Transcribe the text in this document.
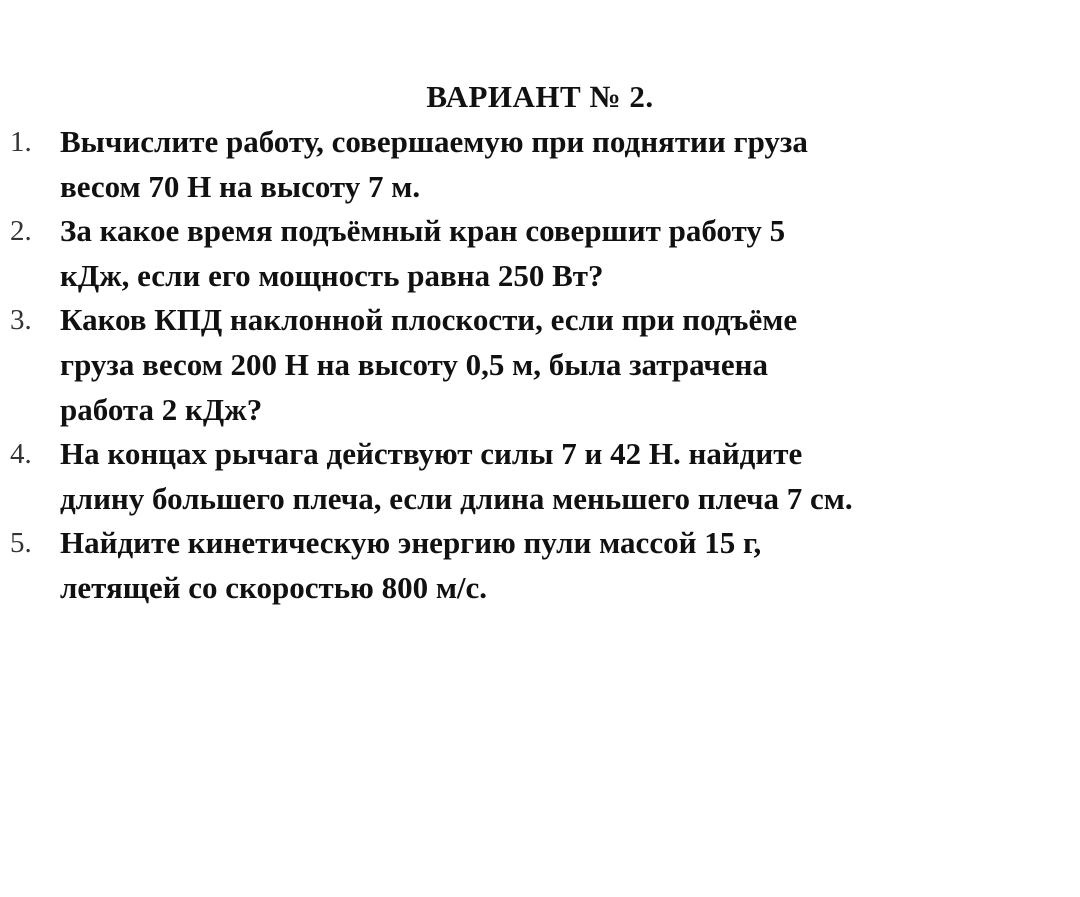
ВАРИАНТ № 2.
1. Вычислите работу, совершаемую при поднятии груза
весом 70 Н на высоту 7 м.
2. За какое время подъёмный кран совершит работу 5
кДж, если его мощность равна 250 Вт?
3. Каков КПД наклонной плоскости, если при подъёме
груза весом 200 Н на высоту 0,5 м, была затрачена
работа 2 кДж?
4. На концах рычага действуют силы 7 и 42 Н. найдите
длину большего плеча, если длина меньшего плеча 7 см.
5. Найдите кинетическую энергию пули массой 15 г,
летящей со скоростью 800 м/с.
